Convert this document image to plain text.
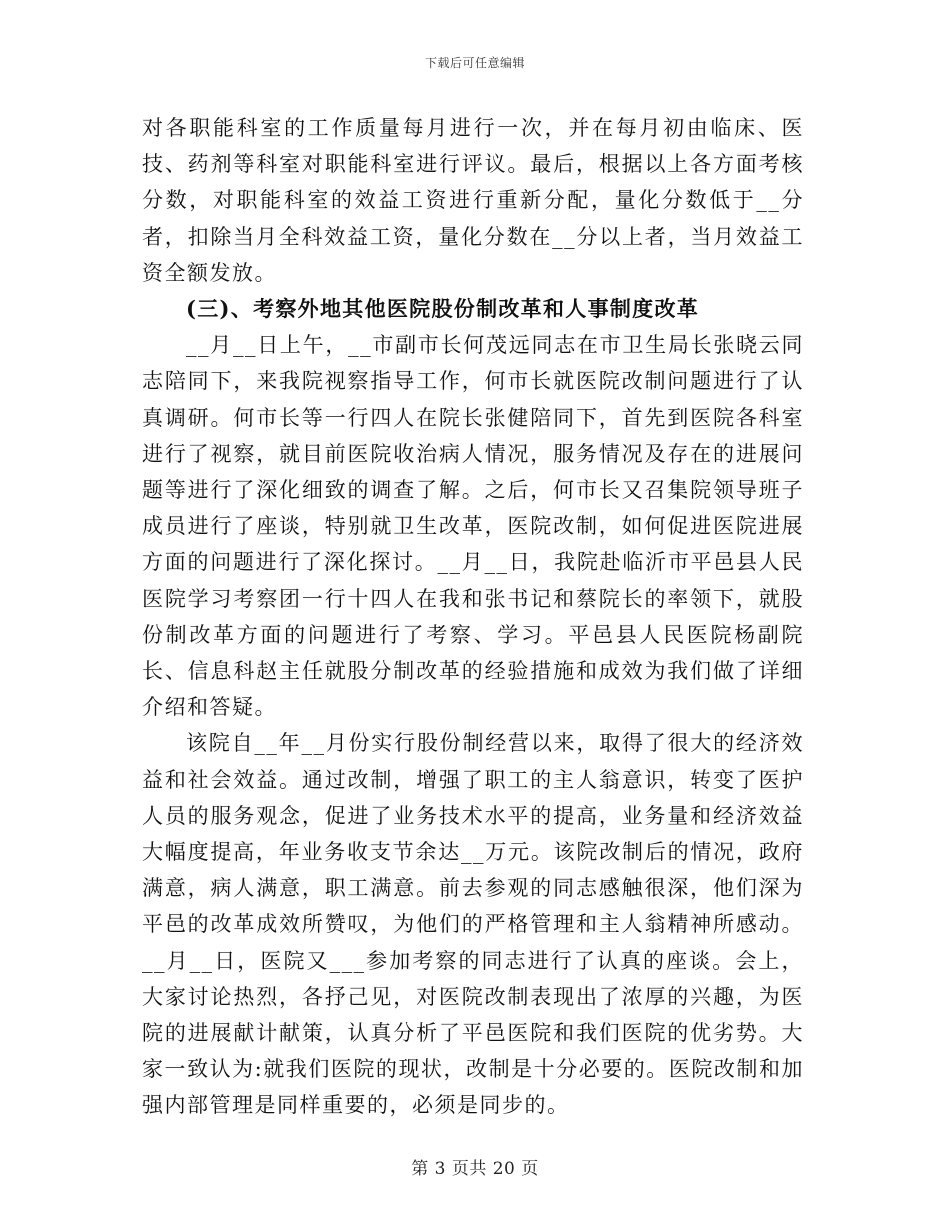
下载后可任意编辑

对各职能科室的工作质量每月进行一次，并在每月初由临床、医技、药剂等科室对职能科室进行评议。最后，根据以上各方面考核分数，对职能科室的效益工资进行重新分配，量化分数低于__分者，扣除当月全科效益工资，量化分数在__分以上者，当月效益工资全额发放。

(三)、考察外地其他医院股份制改革和人事制度改革

__月__日上午，__市副市长何茂远同志在市卫生局长张晓云同志陪同下，来我院视察指导工作，何市长就医院改制问题进行了认真调研。何市长等一行四人在院长张健陪同下，首先到医院各科室进行了视察，就目前医院收治病人情况，服务情况及存在的进展问题等进行了深化细致的调查了解。之后，何市长又召集院领导班子成员进行了座谈，特别就卫生改革，医院改制，如何促进医院进展方面的问题进行了深化探讨。__月__日，我院赴临沂市平邑县人民医院学习考察团一行十四人在我和张书记和蔡院长的率领下，就股份制改革方面的问题进行了考察、学习。平邑县人民医院杨副院长、信息科赵主任就股分制改革的经验措施和成效为我们做了详细介绍和答疑。

该院自__年__月份实行股份制经营以来，取得了很大的经济效益和社会效益。通过改制，增强了职工的主人翁意识，转变了医护人员的服务观念，促进了业务技术水平的提高，业务量和经济效益大幅度提高，年业务收支节余达__万元。该院改制后的情况，政府满意，病人满意，职工满意。前去参观的同志感触很深，他们深为平邑的改革成效所赞叹，为他们的严格管理和主人翁精神所感动。__月__日，医院又___参加考察的同志进行了认真的座谈。会上，大家讨论热烈，各抒己见，对医院改制表现出了浓厚的兴趣，为医院的进展献计献策，认真分析了平邑医院和我们医院的优劣势。大家一致认为:就我们医院的现状，改制是十分必要的。医院改制和加强内部管理是同样重要的，必须是同步的。

第 3 页共 20 页
